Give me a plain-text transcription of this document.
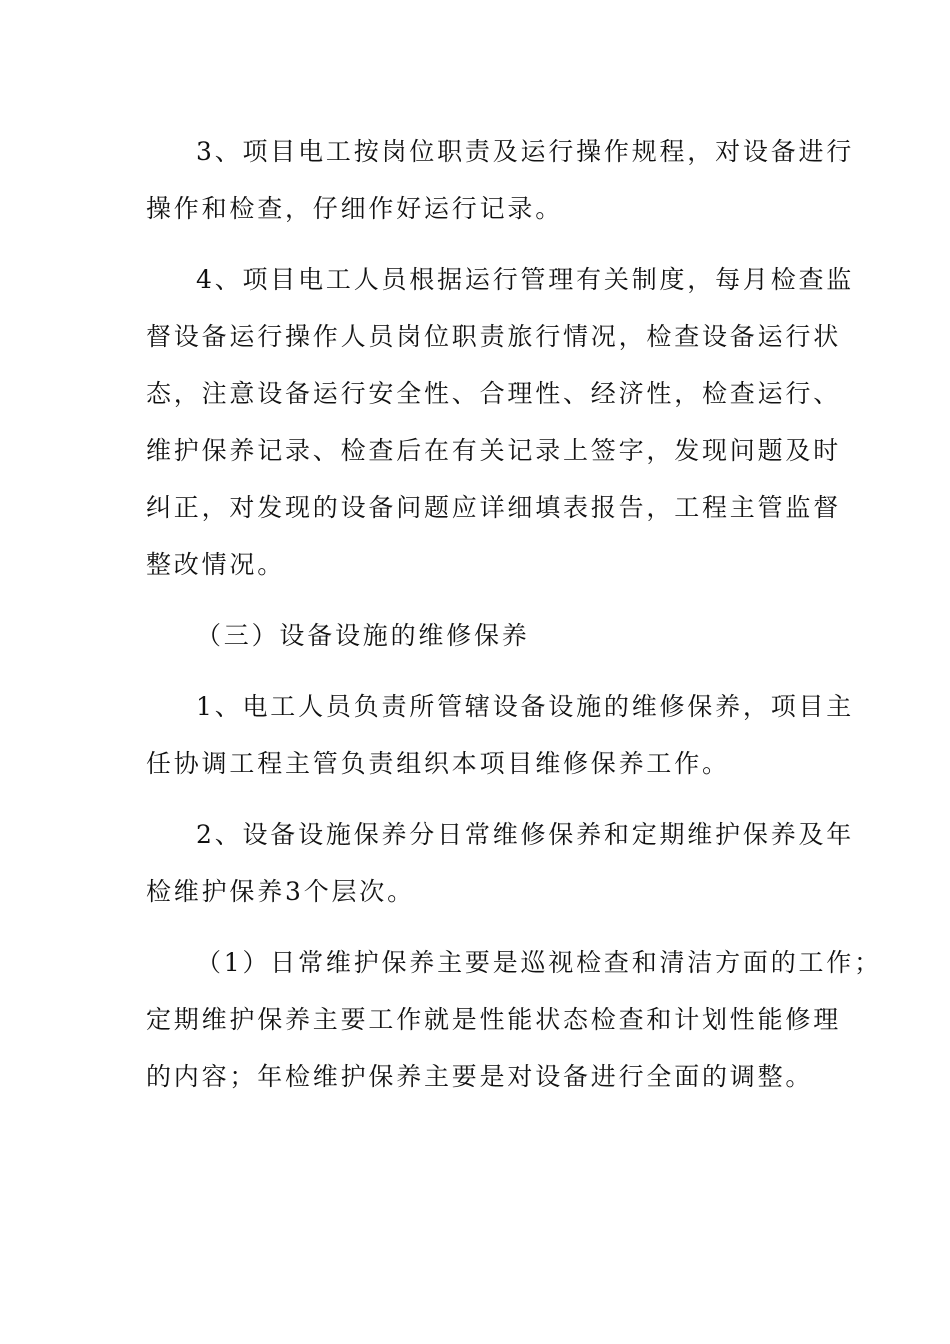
3、项目电工按岗位职责及运行操作规程，对设备进行
操作和检查，仔细作好运行记录。
4、项目电工人员根据运行管理有关制度，每月检查监
督设备运行操作人员岗位职责旅行情况，检查设备运行状
态，注意设备运行安全性、合理性、经济性，检查运行、
维护保养记录、检查后在有关记录上签字，发现问题及时
纠正，对发现的设备问题应详细填表报告，工程主管监督
整改情况。
（三）设备设施的维修保养
1、电工人员负责所管辖设备设施的维修保养，项目主
任协调工程主管负责组织本项目维修保养工作。
2、设备设施保养分日常维修保养和定期维护保养及年
检维护保养3个层次。
（1）日常维护保养主要是巡视检查和清洁方面的工作；
定期维护保养主要工作就是性能状态检查和计划性能修理
的内容；年检维护保养主要是对设备进行全面的调整。
